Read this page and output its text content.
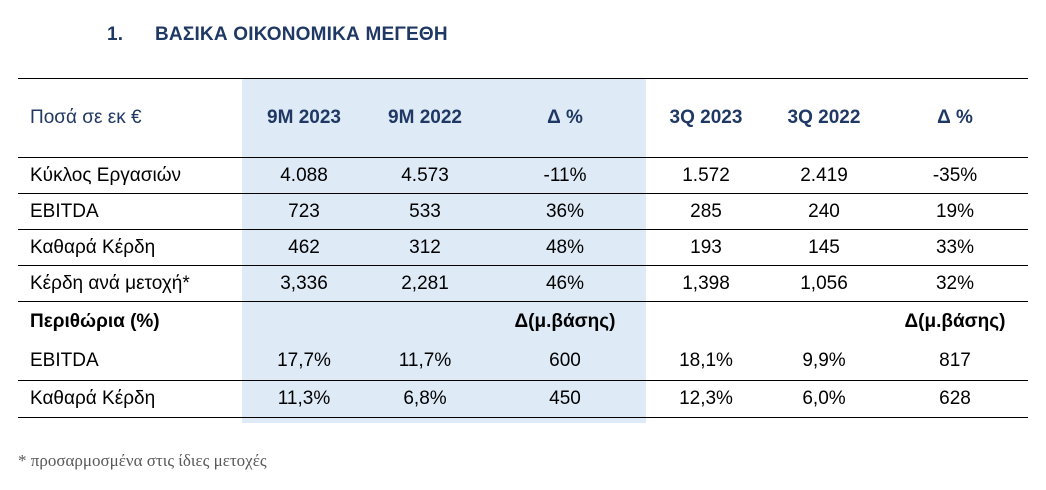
1. ΒΑΣΙΚΑ ΟΙΚΟΝΟΜΙΚΑ ΜΕΓΕΘΗ
Ποσά σε εκ €	9M 2023	9M 2022	Δ %	3Q 2023	3Q 2022	Δ %
Κύκλος Εργασιών	4.088	4.573	-11%	1.572	2.419	-35%
EBITDA	723	533	36%	285	240	19%
Καθαρά Κέρδη	462	312	48%	193	145	33%
Κέρδη ανά μετοχή*	3,336	2,281	46%	1,398	1,056	32%
Περιθώρια (%)			Δ(μ.βάσης)			Δ(μ.βάσης)
EBITDA	17,7%	11,7%	600	18,1%	9,9%	817
Καθαρά Κέρδη	11,3%	6,8%	450	12,3%	6,0%	628
* προσαρμοσμένα στις ίδιες μετοχές
